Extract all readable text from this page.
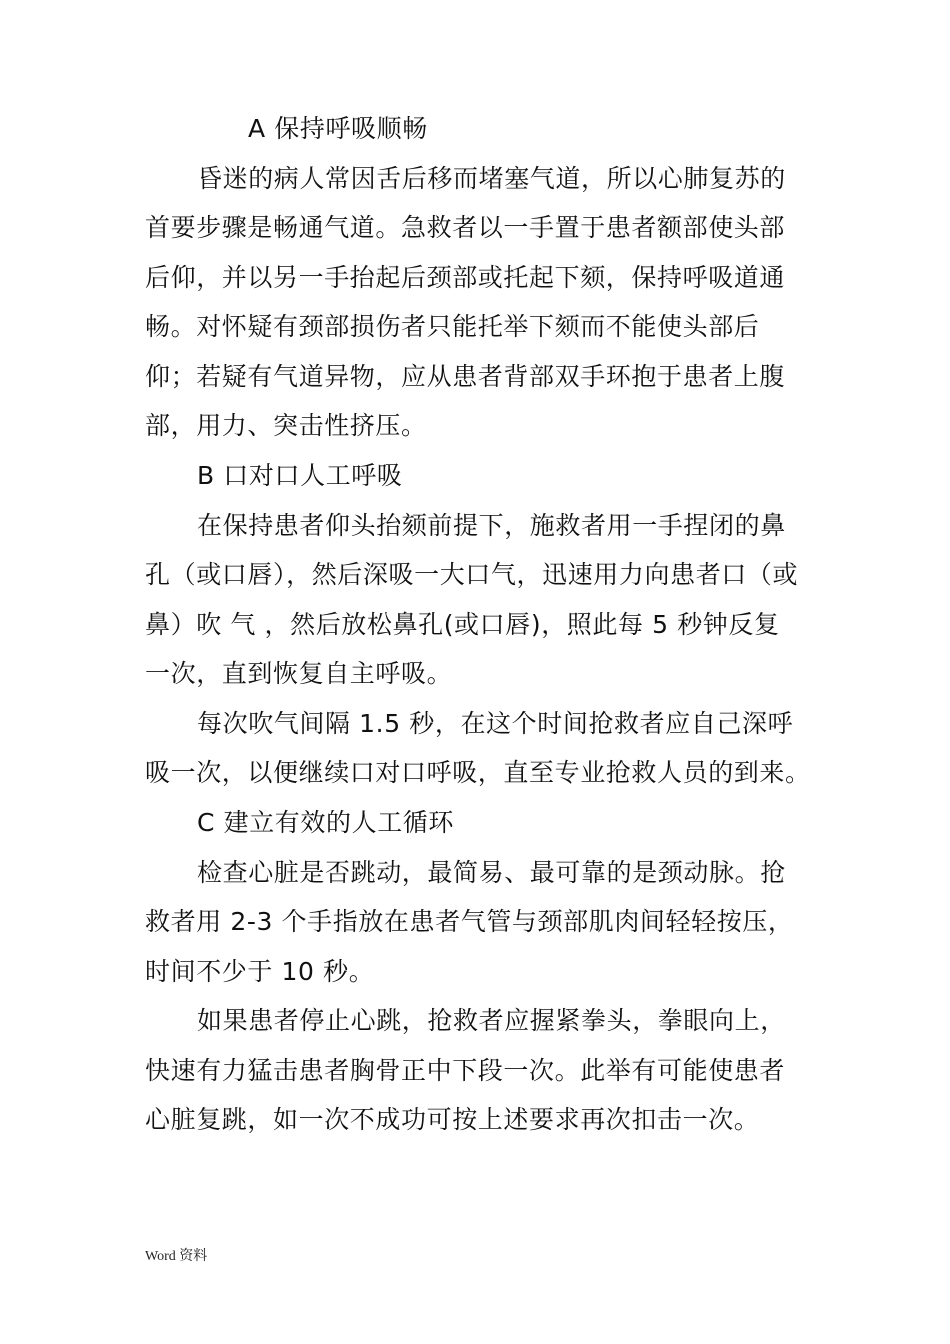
A 保持呼吸顺畅
昏迷的病人常因舌后移而堵塞气道，所以心肺复苏的
首要步骤是畅通气道。急救者以一手置于患者额部使头部
后仰，并以另一手抬起后颈部或托起下颏，保持呼吸道通
畅。对怀疑有颈部损伤者只能托举下颏而不能使头部后
仰；若疑有气道异物，应从患者背部双手环抱于患者上腹
部，用力、突击性挤压。
B 口对口人工呼吸
在保持患者仰头抬颏前提下，施救者用一手捏闭的鼻
孔（或口唇），然后深吸一大口气，迅速用力向患者口（或
鼻）吹 气 ，然后放松鼻孔(或口唇)，照此每 5 秒钟反复
一次，直到恢复自主呼吸。
每次吹气间隔 1.5 秒，在这个时间抢救者应自己深呼
吸一次，以便继续口对口呼吸，直至专业抢救人员的到来。
C 建立有效的人工循环
检查心脏是否跳动，最简易、最可靠的是颈动脉。抢
救者用 2-3 个手指放在患者气管与颈部肌肉间轻轻按压，
时间不少于 10 秒。
如果患者停止心跳，抢救者应握紧拳头，拳眼向上，
快速有力猛击患者胸骨正中下段一次。此举有可能使患者
心脏复跳，如一次不成功可按上述要求再次扣击一次。
Word 资料
